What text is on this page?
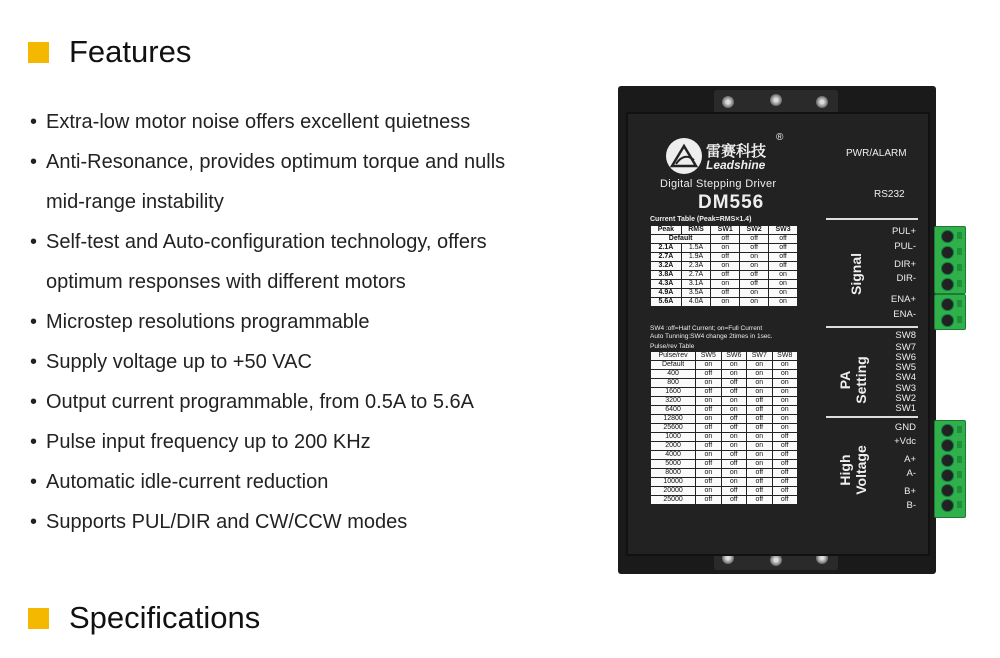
Features
• Extra-low motor noise offers excellent quietness
• Anti-Resonance, provides optimum torque and nulls
mid-range instability
• Self-test and Auto-configuration technology, offers
optimum responses with different motors
• Microstep resolutions programmable
• Supply voltage up to +50 VAC
• Output current programmable, from 0.5A to 5.6A
• Pulse input frequency up to 200 KHz
• Automatic idle-current reduction
• Supports PUL/DIR and CW/CCW modes
Specifications
雷赛科技
®
Leadshine
Digital Stepping Driver
DM556
PWR/ALARM
RS232
Current Table (Peak=RMS×1.4)
Peak	RMS	SW1	SW2	SW3
Default		off	off	off
2.1A	1.5A	on	off	off
2.7A	1.9A	off	on	off
3.2A	2.3A	on	on	off
3.8A	2.7A	off	off	on
4.3A	3.1A	on	off	on
4.9A	3.5A	off	on	on
5.6A	4.0A	on	on	on
SW4 :off=Half Current; on=Full Current
Auto Tunning:SW4 change 2times in 1sec.
Pulse/rev Table
Pulse/rev	SW5	SW6	SW7	SW8
Default	on	on	on	on
400	off	on	on	on
800	on	off	on	on
1600	off	off	on	on
3200	on	on	off	on
6400	off	on	off	on
12800	on	off	off	on
25600	off	off	off	on
1000	on	on	on	off
2000	off	on	on	off
4000	on	off	on	off
5000	off	off	on	off
8000	on	on	off	off
10000	off	on	off	off
20000	on	off	off	off
25000	off	off	off	off
Signal
PA
Setting
High
Voltage
PUL+
PUL-
DIR+
DIR-
ENA+
ENA-
SW8
SW7
SW6
SW5
SW4
SW3
SW2
SW1
GND
+Vdc
A+
A-
B+
B-
